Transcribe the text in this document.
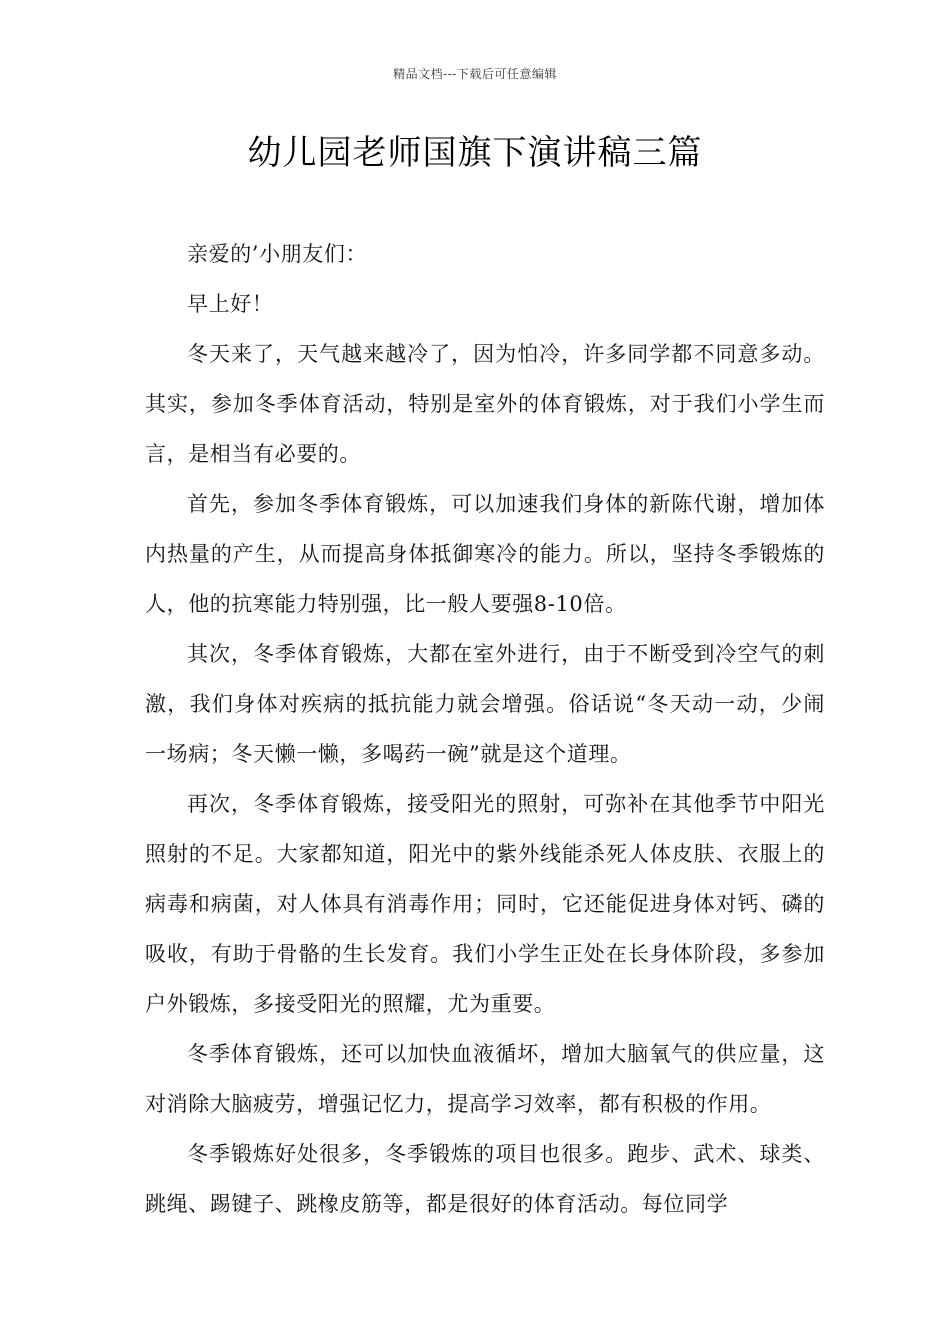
精品文档---下载后可任意编辑
幼儿园老师国旗下演讲稿三篇

亲爱的’小朋友们：

早上好！

冬天来了，天气越来越冷了，因为怕冷，许多同学都不同意多动。其实，参加冬季体育活动，特别是室外的体育锻炼，对于我们小学生而言，是相当有必要的。

首先，参加冬季体育锻炼，可以加速我们身体的新陈代谢，增加体内热量的产生，从而提高身体抵御寒冷的能力。所以，坚持冬季锻炼的人，他的抗寒能力特别强，比一般人要强8-10倍。

其次，冬季体育锻炼，大都在室外进行，由于不断受到冷空气的刺激，我们身体对疾病的抵抗能力就会增强。俗话说“冬天动一动，少闹一场病；冬天懒一懒，多喝药一碗”就是这个道理。

再次，冬季体育锻炼，接受阳光的照射，可弥补在其他季节中阳光照射的不足。大家都知道，阳光中的紫外线能杀死人体皮肤、衣服上的病毒和病菌，对人体具有消毒作用；同时，它还能促进身体对钙、磷的吸收，有助于骨骼的生长发育。我们小学生正处在长身体阶段，多参加户外锻炼，多接受阳光的照耀，尤为重要。

冬季体育锻炼，还可以加快血液循坏，增加大脑氧气的供应量，这对消除大脑疲劳，增强记忆力，提高学习效率，都有积极的作用。

冬季锻炼好处很多，冬季锻炼的项目也很多。跑步、武术、球类、跳绳、踢键子、跳橡皮筋等，都是很好的体育活动。每位同学
